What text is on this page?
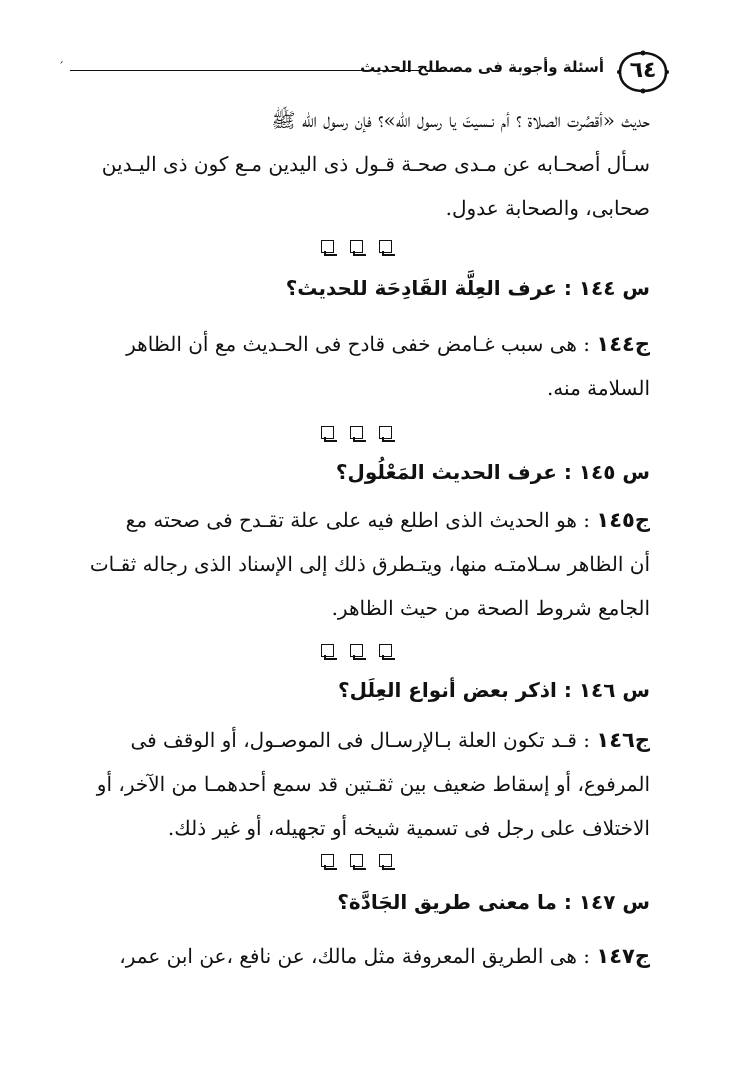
٦٤
أسئلة وأجوبة فى مصطلح الحديث
ˊ
حديث «أقصُرت الصلاة ؟ أم نـسيتَ يا رسول الله»؟ فإن رسول الله ﷺ
سـأل أصحـابه عن مـدى صحـة قـول ذى اليدين مـع كون ذى اليـدين
صحابى، والصحابة عدول.
س ١٤٤ : عرف العِلَّة القَادِحَة للحديث؟
ج١٤٤ : هى سبب غـامض خفى قادح فى الحـديث مع أن الظاهر
السلامة منه.
س ١٤٥ : عرف الحديث المَعْلُول؟
ج١٤٥ : هو الحديث الذى اطلع فيه على علة تقـدح فى صحته مع
أن الظاهر سـلامتـه منها، ويتـطرق ذلك إلى الإسناد الذى رجاله ثقـات
الجامع شروط الصحة من حيث الظاهر.
س ١٤٦ : اذكر بعض أنواع العِلَل؟
ج١٤٦ : قـد تكون العلة بـالإرسـال فى الموصـول، أو الوقف فى
المرفوع، أو إسقاط ضعيف بين ثقـتين قد سمع أحدهمـا من الآخر، أو
الاختلاف على رجل فى تسمية شيخه أو تجهيله، أو غير ذلك.
س ١٤٧ : ما معنى طريق الجَادَّة؟
ج١٤٧ : هى الطريق المعروفة مثل مالك، عن نافع ،عن ابن عمر،
